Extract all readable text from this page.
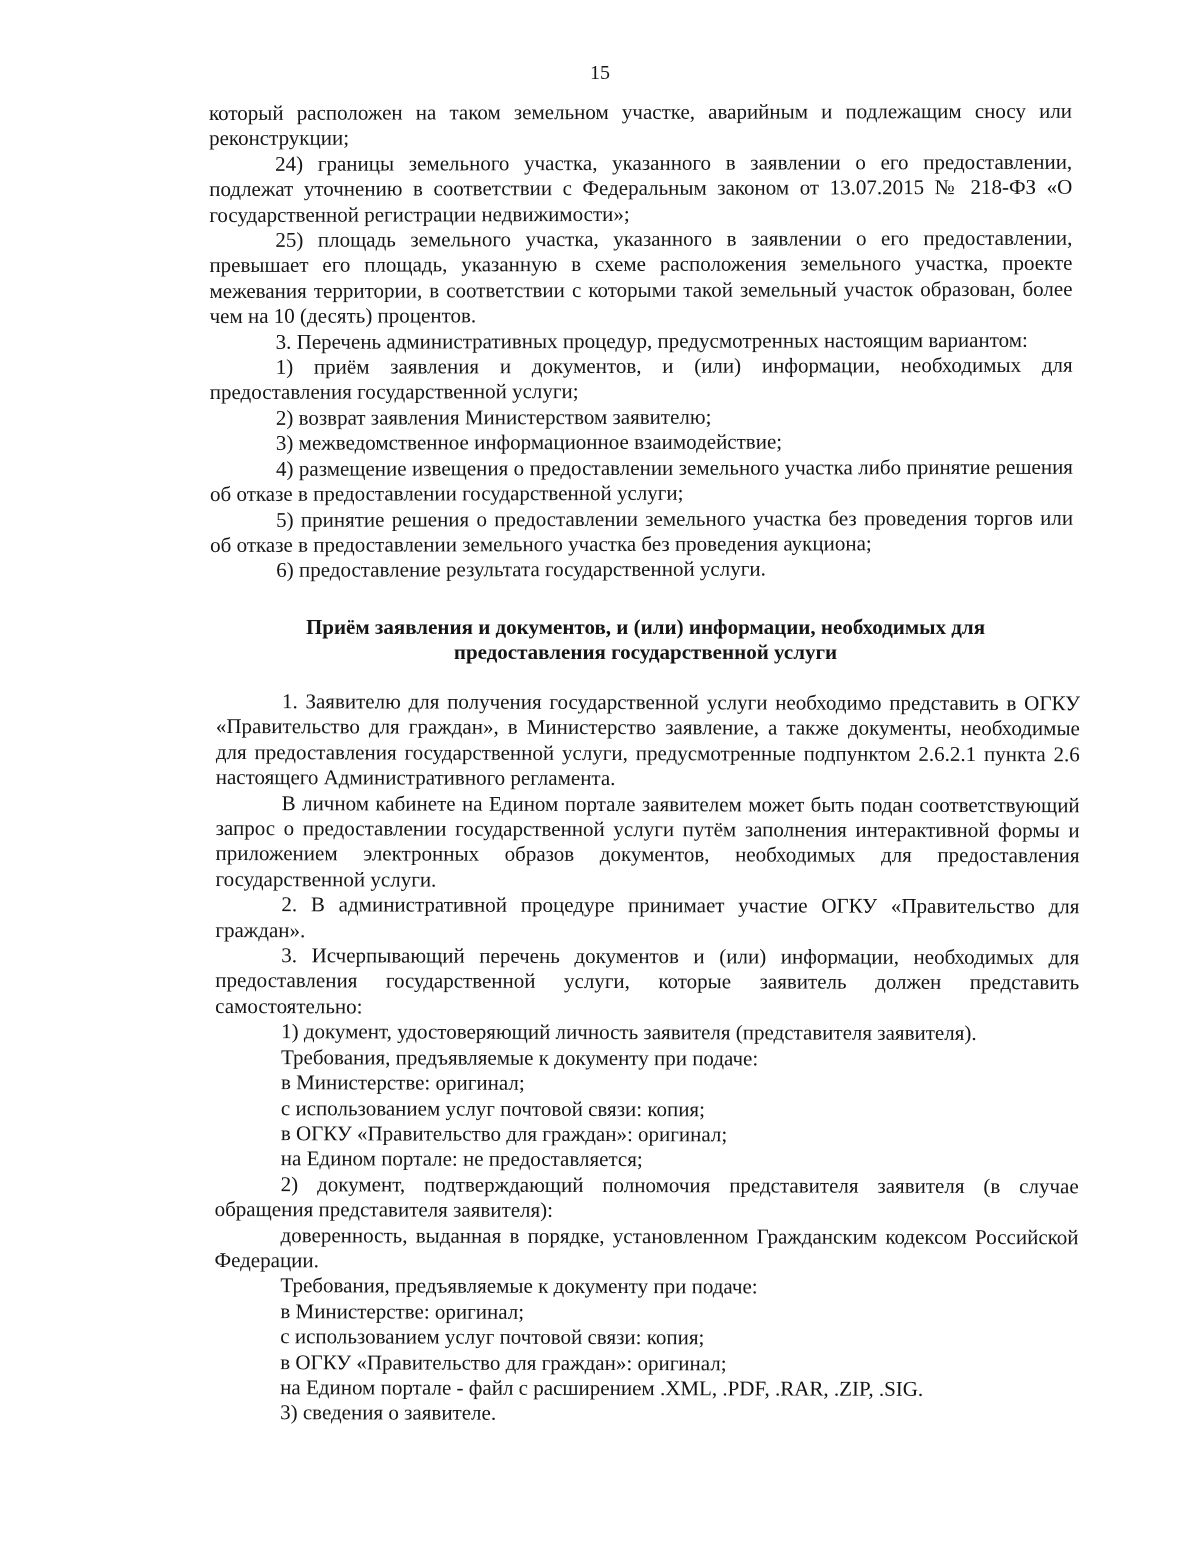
15

который расположен на таком земельном участке, аварийным и подлежащим сносу или реконструкции;

24) границы земельного участка, указанного в заявлении о его предоставлении, подлежат уточнению в соответствии с Федеральным законом от 13.07.2015 № 218-ФЗ «О государственной регистрации недвижимости»;

25) площадь земельного участка, указанного в заявлении о его предоставлении, превышает его площадь, указанную в схеме расположения земельного участка, проекте межевания территории, в соответствии с которыми такой земельный участок образован, более чем на 10 (десять) процентов.

3. Перечень административных процедур, предусмотренных настоящим вариантом:

1) приём заявления и документов, и (или) информации, необходимых для предоставления государственной услуги;

2) возврат заявления Министерством заявителю;

3) межведомственное информационное взаимодействие;

4) размещение извещения о предоставлении земельного участка либо принятие решения об отказе в предоставлении государственной услуги;

5) принятие решения о предоставлении земельного участка без проведения торгов или об отказе в предоставлении земельного участка без проведения аукциона;

6) предоставление результата государственной услуги.

Приём заявления и документов, и (или) информации, необходимых для

предоставления государственной услуги

1. Заявителю для получения государственной услуги необходимо представить в ОГКУ «Правительство для граждан», в Министерство заявление, а также документы, необходимые для предоставления государственной услуги, предусмотренные подпунктом 2.6.2.1 пункта 2.6 настоящего Административного регламента.

В личном кабинете на Едином портале заявителем может быть подан соответствующий запрос о предоставлении государственной услуги путём заполнения интерактивной формы и приложением электронных образов документов, необходимых для предоставления государственной услуги.

2. В административной процедуре принимает участие ОГКУ «Правительство для граждан».

3. Исчерпывающий перечень документов и (или) информации, необходимых для предоставления государственной услуги, которые заявитель должен представить самостоятельно:

1) документ, удостоверяющий личность заявителя (представителя заявителя).

Требования, предъявляемые к документу при подаче:

в Министерстве: оригинал;

с использованием услуг почтовой связи: копия;

в ОГКУ «Правительство для граждан»: оригинал;

на Едином портале: не предоставляется;

2) документ, подтверждающий полномочия представителя заявителя (в случае обращения представителя заявителя):

доверенность, выданная в порядке, установленном Гражданским кодексом Российской Федерации.

Требования, предъявляемые к документу при подаче:

в Министерстве: оригинал;

с использованием услуг почтовой связи: копия;

в ОГКУ «Правительство для граждан»: оригинал;

на Едином портале - файл с расширением .XML, .PDF, .RAR, .ZIP, .SIG.

3) сведения о заявителе.
